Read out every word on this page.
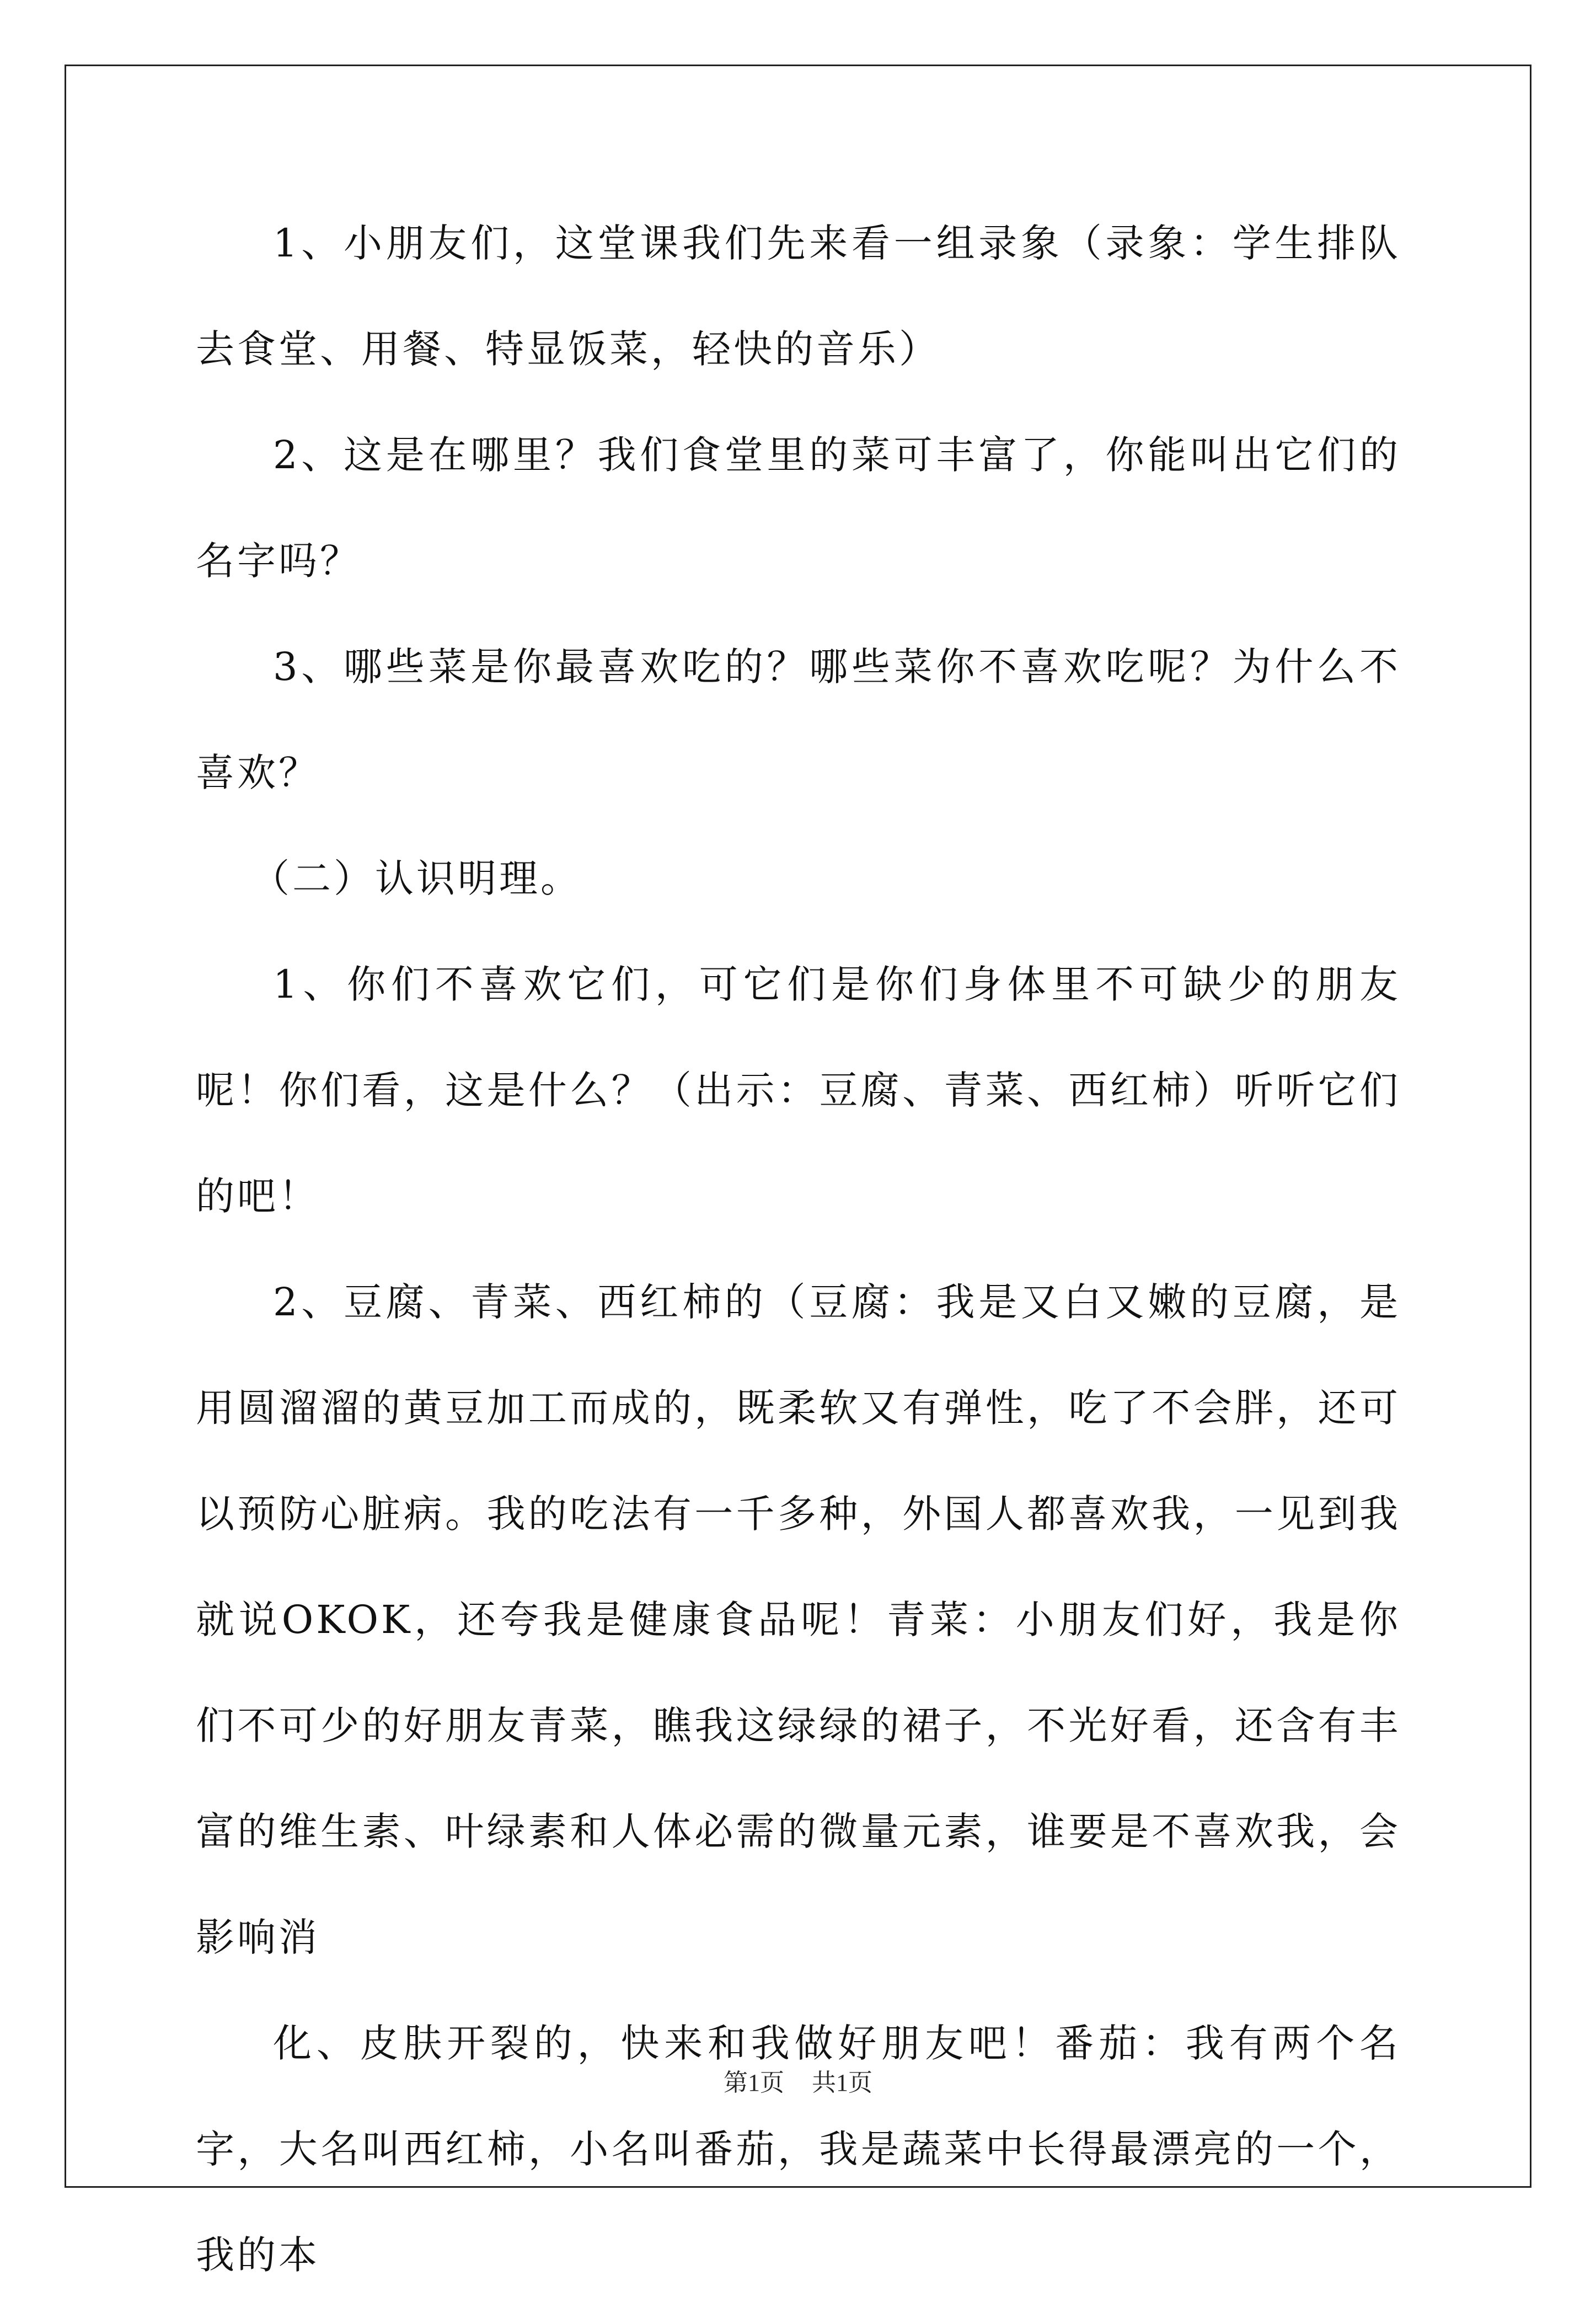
1、小朋友们，这堂课我们先来看一组录象（录象：学生排队去食堂、用餐、特显饭菜，轻快的音乐）

2、这是在哪里？我们食堂里的菜可丰富了，你能叫出它们的名字吗？

3、哪些菜是你最喜欢吃的？哪些菜你不喜欢吃呢？为什么不喜欢？

（二）认识明理。

1、你们不喜欢它们，可它们是你们身体里不可缺少的朋友呢！你们看，这是什么？（出示：豆腐、青菜、西红柿）听听它们的吧！

2、豆腐、青菜、西红柿的（豆腐：我是又白又嫩的豆腐，是用圆溜溜的黄豆加工而成的，既柔软又有弹性，吃了不会胖，还可以预防心脏病。我的吃法有一千多种，外国人都喜欢我，一见到我就说OKOK，还夸我是健康食品呢！青菜：小朋友们好，我是你们不可少的好朋友青菜，瞧我这绿绿的裙子，不光好看，还含有丰富的维生素、叶绿素和人体必需的微量元素，谁要是不喜欢我，会影响消

化、皮肤开裂的，快来和我做好朋友吧！番茄：我有两个名字，大名叫西红柿，小名叫番茄，我是蔬菜中长得最漂亮的一个，我的本

第1页 共1页
